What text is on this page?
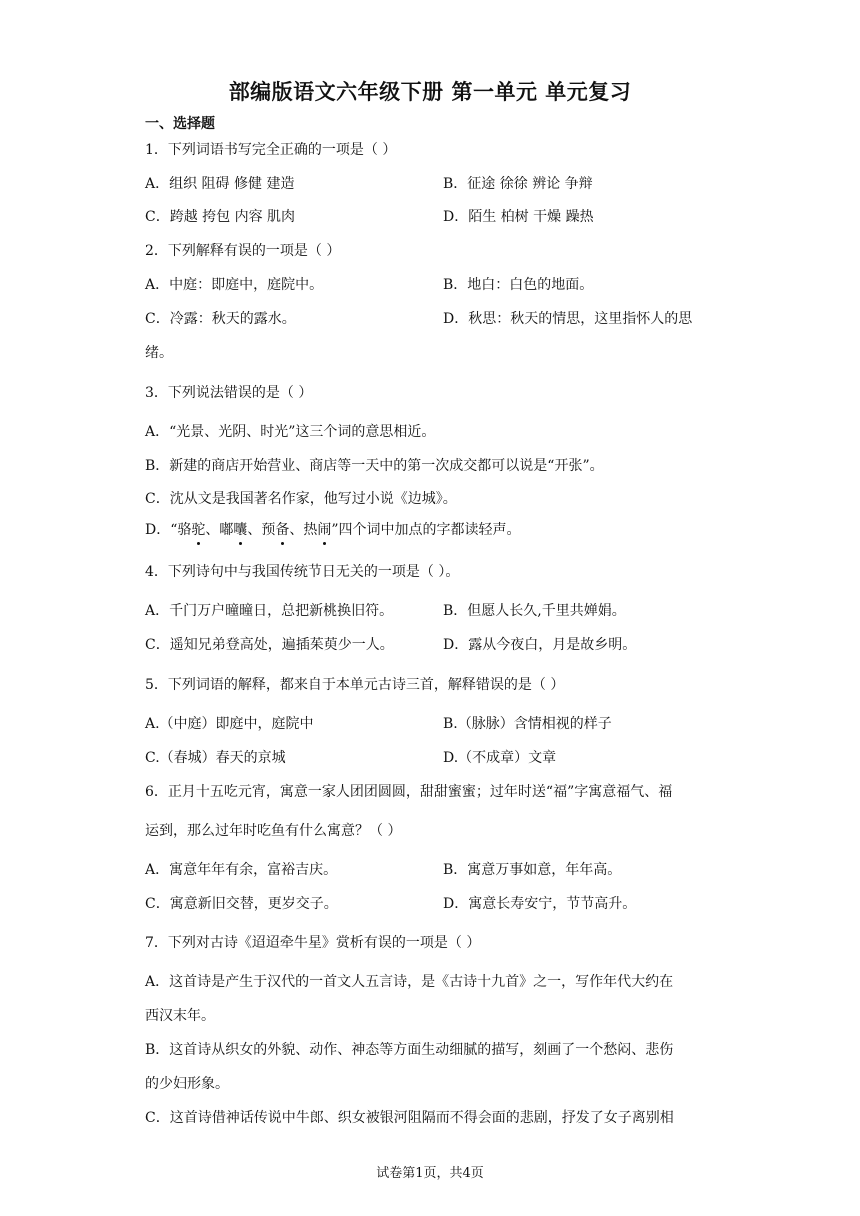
部编版语文六年级下册 第一单元 单元复习
一、选择题
1．下列词语书写完全正确的一项是（ ）
A．组织 阻碍 修健 建造	B．征途 徐徐 辨论 争辩
C．跨越 挎包 内容 肌肉	D．陌生 柏树 干燥 躁热
2．下列解释有误的一项是（ ）
A．中庭：即庭中，庭院中。	B．地白：白色的地面。
C．冷露：秋天的露水。	D．秋思：秋天的情思，这里指怀人的思
绪。
3．下列说法错误的是（ ）
A．“光景、光阴、时光”这三个词的意思相近。
B．新建的商店开始营业、商店等一天中的第一次成交都可以说是“开张”。
C．沈从文是我国著名作家，他写过小说《边城》。
D．“骆驼、嘟囔、预备、热闹”四个词中加点的字都读轻声。
4．下列诗句中与我国传统节日无关的一项是（ ）。
A．千门万户曈曈日，总把新桃换旧符。	B．但愿人长久,千里共婵娟。
C．遥知兄弟登高处，遍插茱萸少一人。	D．露从今夜白，月是故乡明。
5．下列词语的解释，都来自于本单元古诗三首，解释错误的是（ ）
A.（中庭）即庭中，庭院中	B.（脉脉）含情相视的样子
C.（春城）春天的京城	D.（不成章）文章
6．正月十五吃元宵，寓意一家人团团圆圆，甜甜蜜蜜；过年时送“福”字寓意福气、福
运到，那么过年时吃鱼有什么寓意？（ ）
A．寓意年年有余，富裕吉庆。	B．寓意万事如意，年年高。
C．寓意新旧交替，更岁交子。	D．寓意长寿安宁，节节高升。
7．下列对古诗《迢迢牵牛星》赏析有误的一项是（ ）
A．这首诗是产生于汉代的一首文人五言诗，是《古诗十九首》之一，写作年代大约在
西汉末年。
B．这首诗从织女的外貌、动作、神态等方面生动细腻的描写，刻画了一个愁闷、悲伤
的少妇形象。
C．这首诗借神话传说中牛郎、织女被银河阻隔而不得会面的悲剧，抒发了女子离别相
试卷第1页，共4页
